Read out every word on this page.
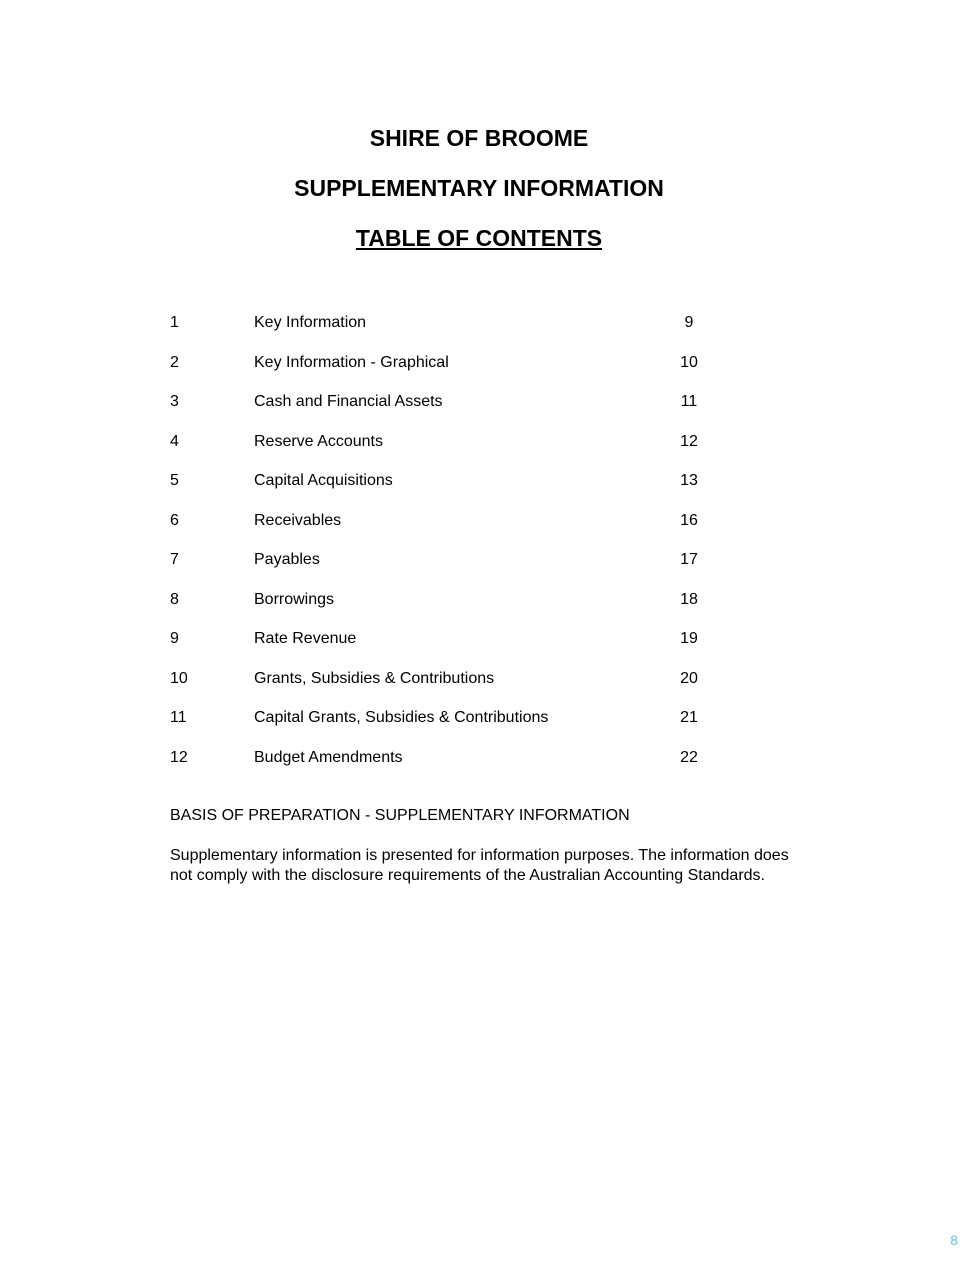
SHIRE OF BROOME
SUPPLEMENTARY INFORMATION
TABLE OF CONTENTS
1	Key Information	9
2	Key Information - Graphical	10
3	Cash and Financial Assets	11
4	Reserve Accounts	12
5	Capital Acquisitions	13
6	Receivables	16
7	Payables	17
8	Borrowings	18
9	Rate Revenue	19
10	Grants, Subsidies & Contributions	20
11	Capital Grants, Subsidies & Contributions	21
12	Budget Amendments	22
BASIS OF PREPARATION - SUPPLEMENTARY INFORMATION
Supplementary information is presented for information purposes. The information does not comply with the disclosure requirements of the Australian Accounting Standards.
8
